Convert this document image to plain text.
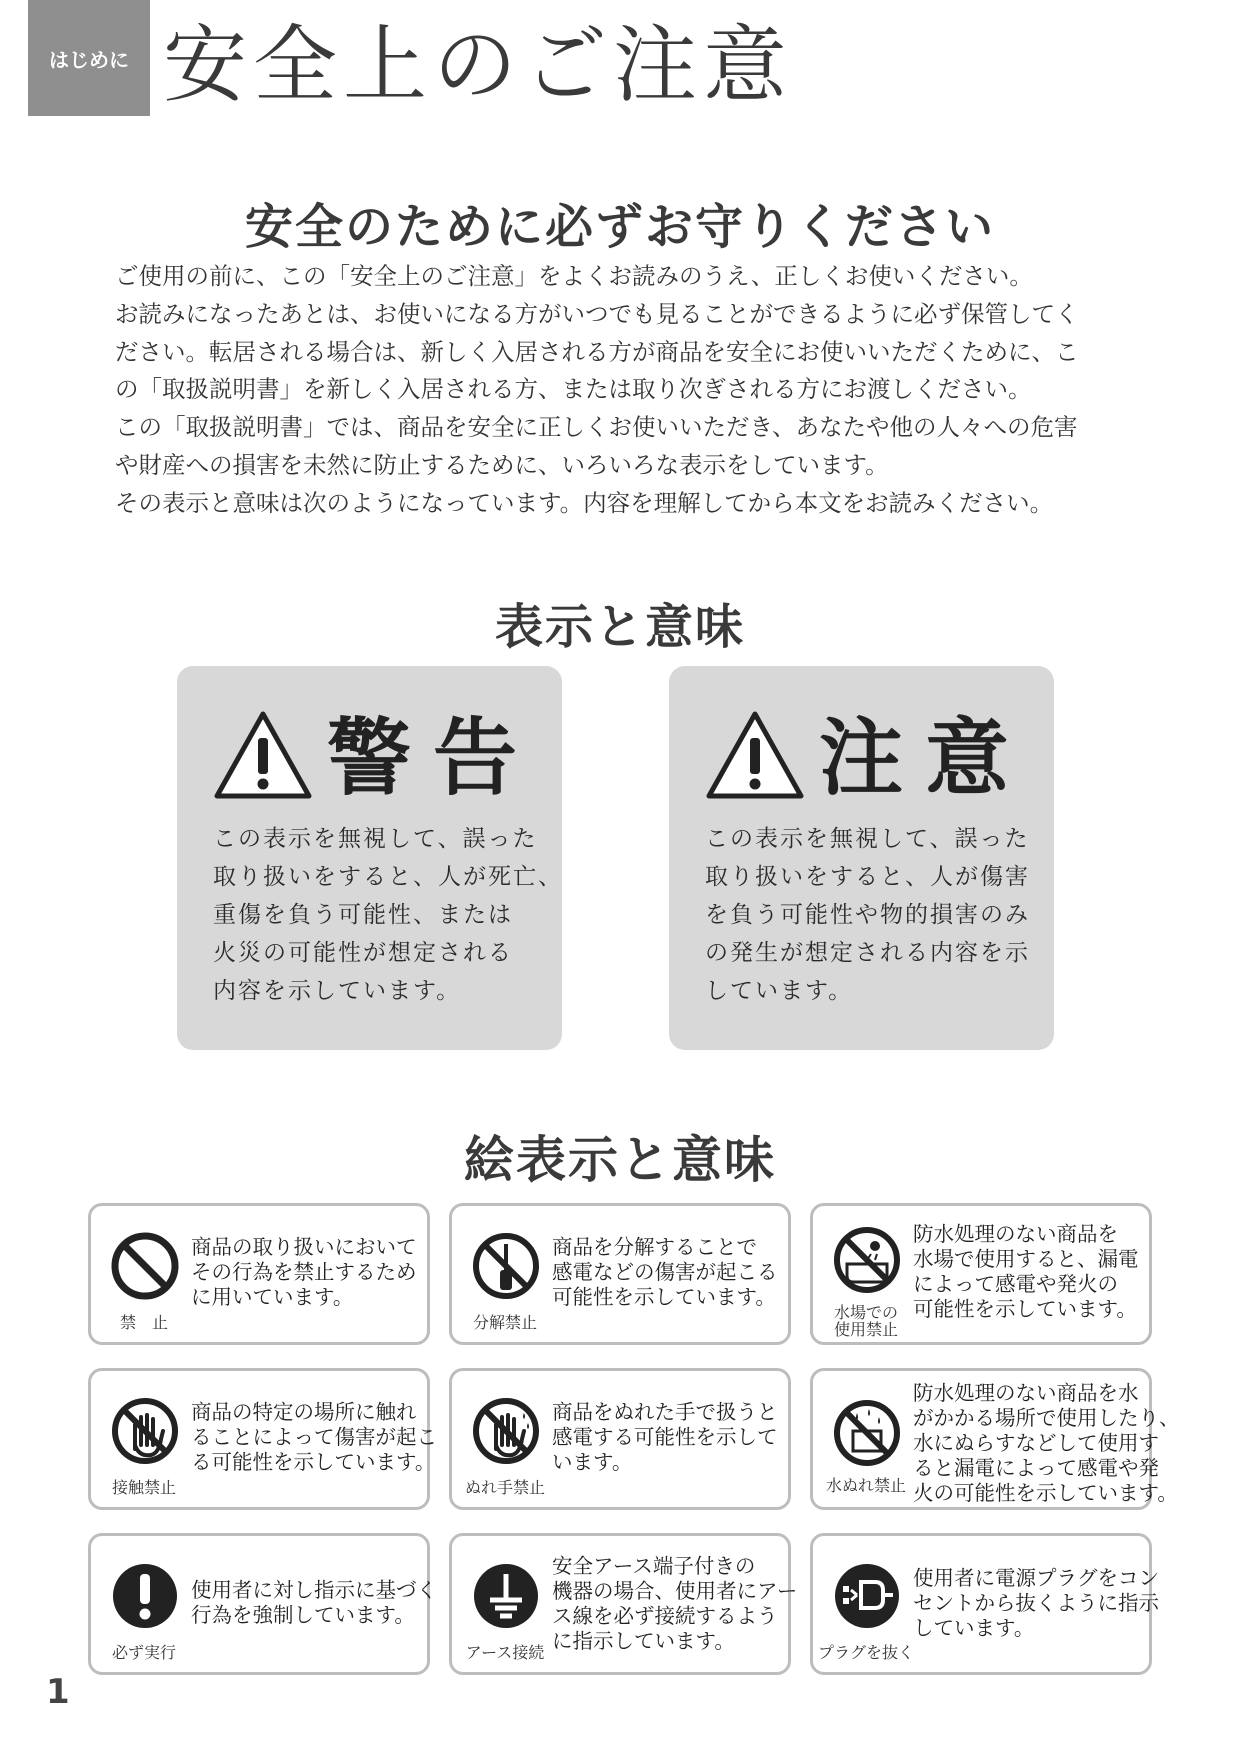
はじめに 安全上のご注意
安全のために必ずお守りください

ご使用の前に、この「安全上のご注意」をよくお読みのうえ、正しくお使いください。

お読みになったあとは、お使いになる方がいつでも見ることができるように必ず保管してく

ださい。転居される場合は、新しく入居される方が商品を安全にお使いいただくために、こ

の「取扱説明書」を新しく入居される方、または取り次ぎされる方にお渡しください。

この「取扱説明書」では、商品を安全に正しくお使いいただき、あなたや他の人々への危害

や財産への損害を未然に防止するために、いろいろな表示をしています。

その表示と意味は次のようになっています。内容を理解してから本文をお読みください。

表示と意味
警告
この表示を無視して、誤った
取り扱いをすると、人が死亡、
重傷を負う可能性、または
火災の可能性が想定される
内容を示しています。
注意
この表示を無視して、誤った
取り扱いをすると、人が傷害
を負う可能性や物的損害のみ
の発生が想定される内容を示
しています。
絵表示と意味
禁　止
商品の取り扱いにおいて
その行為を禁止するため
に用いています。
分解禁止
商品を分解することで
感電などの傷害が起こる
可能性を示しています。
水場での
使用禁止
防水処理のない商品を
水場で使用すると、漏電
によって感電や発火の
可能性を示しています。
接触禁止
商品の特定の場所に触れ
ることによって傷害が起こ
る可能性を示しています。
ぬれ手禁止
商品をぬれた手で扱うと
感電する可能性を示して
います。
水ぬれ禁止
防水処理のない商品を水
がかかる場所で使用したり、
水にぬらすなどして使用す
ると漏電によって感電や発
火の可能性を示しています。
必ず実行
使用者に対し指示に基づく
行為を強制しています。
アース接続
安全アース端子付きの
機器の場合、使用者にアー
ス線を必ず接続するよう
に指示しています。	プラグを抜く
使用者に電源プラグをコン
セントから抜くように指示
しています。
1
